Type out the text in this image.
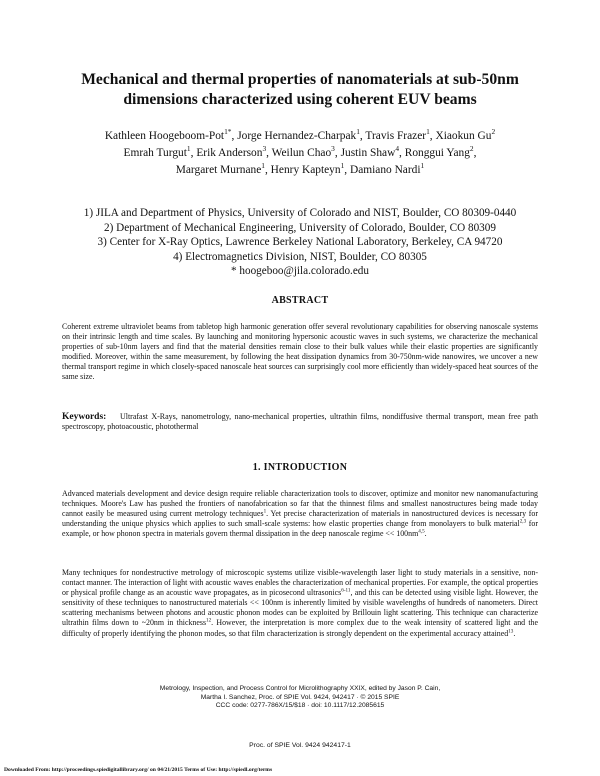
Mechanical and thermal properties of nanomaterials at sub-50nm
dimensions characterized using coherent EUV beams
Kathleen Hoogeboom-Pot$^{1*}$, Jorge Hernandez-Charpak$^1$, Travis Frazer$^1$, Xiaokun Gu$^2$
Emrah Turgut$^1$, Erik Anderson$^3$, Weilun Chao$^3$, Justin Shaw$^4$, Ronggui Yang$^2$,
Margaret Murnane$^1$, Henry Kapteyn$^1$, Damiano Nardi$^1$
1) JILA and Department of Physics, University of Colorado and NIST, Boulder, CO 80309-0440
2) Department of Mechanical Engineering, University of Colorado, Boulder, CO 80309
3) Center for X-Ray Optics, Lawrence Berkeley National Laboratory, Berkeley, CA 94720
4) Electromagnetics Division, NIST, Boulder, CO 80305
* hoogeboo@jila.colorado.edu
ABSTRACT

Coherent extreme ultraviolet beams from tabletop high harmonic generation offer several revolutionary capabilities for observing nanoscale systems on their intrinsic length and time scales. By launching and monitoring hypersonic acoustic waves in such systems, we characterize the mechanical properties of sub-10nm layers and find that the material densities remain close to their bulk values while their elastic properties are significantly modified. Moreover, within the same measurement, by following the heat dissipation dynamics from 30-750nm-wide nanowires, we uncover a new thermal transport regime in which closely-spaced nanoscale heat sources can surprisingly cool more efficiently than widely-spaced heat sources of the same size.

Keywords: Ultrafast X-Rays, nanometrology, nano-mechanical properties, ultrathin films, nondiffusive thermal transport, mean free path spectroscopy, photoacoustic, photothermal

1. INTRODUCTION

Advanced materials development and device design require reliable characterization tools to discover, optimize and monitor new nanomanufacturing techniques. Moore's Law has pushed the frontiers of nanofabrication so far that the thinnest films and smallest nanostructures being made today cannot easily be measured using current metrology techniques$^1$. Yet precise characterization of materials in nanostructured devices is necessary for understanding the unique physics which applies to such small-scale systems: how elastic properties change from monolayers to bulk material$^{2,3}$ for example, or how phonon spectra in materials govern thermal dissipation in the deep nanoscale regime << 100nm$^{4,5}$.

Many techniques for nondestructive metrology of microscopic systems utilize visible-wavelength laser light to study materials in a sensitive, non-contact manner. The interaction of light with acoustic waves enables the characterization of mechanical properties. For example, the optical properties or physical profile change as an acoustic wave propagates, as in picosecond ultrasonics$^{6-11}$, and this can be detected using visible light. However, the sensitivity of these techniques to nanostructured materials << 100nm is inherently limited by visible wavelengths of hundreds of nanometers. Direct scattering mechanisms between photons and acoustic phonon modes can be exploited by Brillouin light scattering. This technique can characterize ultrathin films down to ~20nm in thickness$^{12}$. However, the interpretation is more complex due to the weak intensity of scattered light and the difficulty of properly identifying the phonon modes, so that film characterization is strongly dependent on the experimental accuracy attained$^{13}$.

Metrology, Inspection, and Process Control for Microlithography XXIX, edited by Jason P. Cain,
Martha I. Sanchez, Proc. of SPIE Vol. 9424, 942417 · © 2015 SPIE
CCC code: 0277-786X/15/$18 · doi: 10.1117/12.2085615
Proc. of SPIE Vol. 9424 942417-1
Downloaded From: http://proceedings.spiedigitallibrary.org/ on 04/21/2015 Terms of Use: http://spiedl.org/terms
